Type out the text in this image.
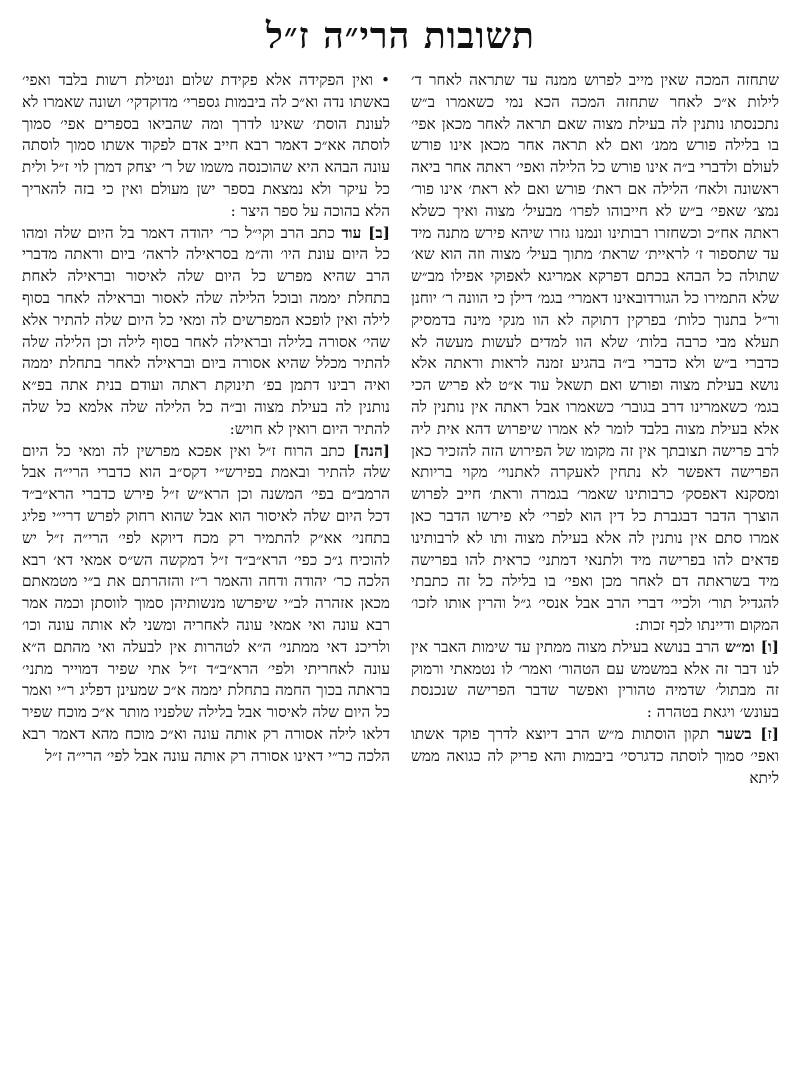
תשובות הרי״ה ז״ל

שתחזה המכה שאין מייב לפרוש ממנה עד שתראה לאחר ד׳ לילות א״כ לאחר שתחזה המכה הכא נמי כשאמרו ב״ש נתכנסתו נותנין לה בעילת מצוה שאם תראה לאחר מכאן אפי׳ בו בלילה פורש ממנ׳ ואם לא תראה אחר מכאן אינו פורש לעולם ולדברי ב״ה אינו פורש כל הלילה ואפי׳ ראתה אחר ביאה ראשונה ולאח׳ הלילה אם ראת׳ פורש ואם לא ראת׳ אינו פור׳ נמצ׳ שאפי׳ ב״ש לא חייבוהו לפרו׳ מבעיל׳ מצוה ואיך כשלא ראתה אח״כ וכשחזרו רבותינו ונמנו גזרו שיהא פירש מתנה מיד עד שתספור ז׳ לראיית׳ שראת׳ מתוך בעיל׳ מצוה וזה הוא שא׳ שתולה כל הבהא בכתם דפרקא אמריגא לאפוקי אפילו מב״ש שלא התמירו כל הגורדובאינו דאמרי׳ בגמ׳ דילן כי הוונה ר׳ יוחנן ור״ל בתנוך כלות׳ בפרקין דתוקה לא הוו מנקי מינה בדמסיק תעלא מבי כרבה בלות׳ שלא הוו למדים לעשות מעשה לא כדברי ב״ש ולא כדברי ב״ה בהגיע זמנה לראות וראתה אלא נושא בעילת מצוה ופורש ואם תשאל עוד א״ט לא פריש הכי בגמ׳ כשאמרינו דרב בגובר׳ כשאמרו אבל ראתה אין נותנין לה אלא בעילת מצוה בלבד לומר לא אמרו שיפרוש דהא אית ליה לרב פרישה תצובתך אין זה מקומו של הפירוש הזה להזכיר כאן הפרישה דאפשר לא נתחין לאעקרה לאתנוי׳ מקוי בריותא ומסקנא דאפסק׳ כרבותינו שאמר׳ בגמרה וראת׳ חייב לפרוש הוצרך הדבר דבגברת כל דין הוא לפרי׳ לא פירשו הדבר כאן אמרו סתם אין נותנין לה אלא בעילת מצוה ותו לא לרבותינו פדאים להו בפרישה מיד ולתנאי דמתני׳ כראית להו בפרישה מיד בשראתה דם לאחר מכן ואפי׳ בו בלילה כל זה כתבתי להגדיל תור׳ ולכיי׳ דברי הרב אבל אנסי׳ ג״ל והרין אותו לזכו׳ המקום ודיינתו לכף זכות:

[ו] ומ״ש הרב בנושא בעילת מצוה ממתין עד שימות האבר אין לנו דבר זה אלא במשמש עם הטהור׳ ואמר׳ לו נטמאתי ורמוק זה מבתול׳ שדמיה טהורין ואפשר שדבר הפרישה שנכנסת בעונש׳ ויגאת בטהרה :

[ז] בשער תקון הוסתות מ״ש הרב דיוצא לדרך פוקד אשתו ואפי׳ סמוך לוסתה כדגרסי׳ ביבמות והא פריק לה כגואה ממש ליתא

• ואין הפקידה אלא פקידת שלום ונטילת רשות בלבד ואפי׳ באשתו נדה וא״כ לה ביבמות גספרי׳ מדוקדקי׳ ושונה שאמרו לא לעונת הוסת׳ שאינו לדרך ומה שהביאו בספרים אפי׳ סמוך לוסתה אא״כ דאמר רבא חייב אדם לפקוד אשתו סמוך לוסתה עונה הבהא היא שהוכנסה משמו של ר׳ יצחק דמרן לוי ז״ל ולית כל עיקר ולא נמצאת בספר ישן מעולם ואין כי בזה להאריך הלא בהוכה על ספר היצר :

[ב] עוד כתב הרב וקי״ל כר׳ יהודה דאמר בל היום שלה ומהו כל היום עונת היו׳ וה״מ בסראילה לראה׳ ביום וראתה מדברי הרב שהיא מפרש כל היום שלה לאיסור ובראילה לאחת בתחלת יממה ובוכל הלילה שלה לאסור ובראילה לאחר בסוף לילה ואין לופכא המפרשים לה ומאי כל היום שלה להתיר אלא שהי׳ אסורה בלילה ובראילה לאחר בסוף לילה וכן הלילה שלה להתיר מכלל שהיא אסורה ביום ובראילה לאחר בתחלת יממה ואיה רבינו דתמן בפ׳ תינוקת ראתה ועודם בנית אתה בפ״א נותנין לה בעילת מצוה וב״ה כל הלילה שלה אלמא כל שלה להתיר היום רואין לא חויש:

[הנה] כתב הרוח ז״ל ואין אפכא מפרשין לה ומאי כל היום שלה להתיר ובאמת בפירש״י דקס״ב הוא כדברי הרי״ה אבל הרמב״ם בפי׳ המשנה וכן הרא״ש ז״ל פירש כדברי הרא״ב״ד דכל היום שלה לאיסור הוא אבל שהוא רחוק לפרש דרי״י פליג בתחני׳ אא״ק להתמיר רק מכח דיוקא לפי׳ הרי״ה ז״ל יש להוכיח ג״כ כפי׳ הרא״ב״ד ז״ל דמקשה הש״ס אמאי דא׳ רבא הלכה כר׳ יהודה ודחה והאמר ר״ז והזהרתם את ב״י מטמאתם מכאן אזהרה לב״י שיפרשו מנשותיהן סמוך לווסתן וכמה אמר רבא עונה ואי אמאי עונה לאחריה ומשני לא אותה עונה וכו׳ ולריכנ דאי ממתני׳ ה״א לטהרות אין לבעלה ואי מהתם ה״א עונה לאחריתי ולפי׳ הרא״ב״ד ז״ל אתי שפיר דמוייר מתני׳ בראתה בכוך החמה בתחלת יממה א״כ שמעינן דפליג ר״י ואמר כל היום שלה לאיסור אבל בלילה שלפניו מותר א״כ מוכח שפיר דלאו לילה אסורה רק אותה עונה וא״כ מוכח מהא דאמר רבא הלכה כר״י דאינו אסורה רק אותה עונה אבל לפי׳ הרי״ה ז״ל
